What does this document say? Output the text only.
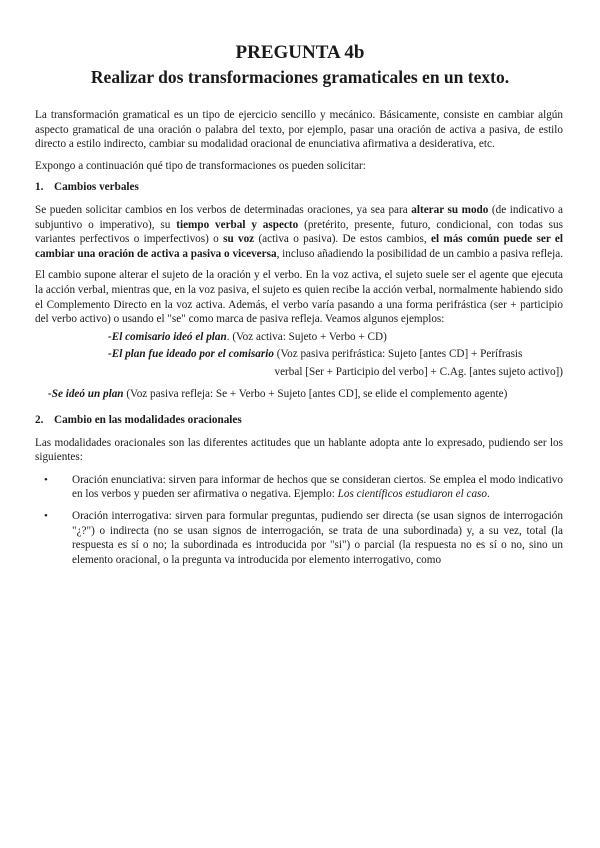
PREGUNTA 4b
Realizar dos transformaciones gramaticales en un texto.

La transformación gramatical es un tipo de ejercicio sencillo y mecánico. Básicamente, consiste en cambiar algún aspecto gramatical de una oración o palabra del texto, por ejemplo, pasar una oración de activa a pasiva, de estilo directo a estilo indirecto, cambiar su modalidad oracional de enunciativa afirmativa a desiderativa, etc.

Expongo a continuación qué tipo de transformaciones os pueden solicitar:

1. Cambios verbales

Se pueden solicitar cambios en los verbos de determinadas oraciones, ya sea para alterar su modo (de indicativo a subjuntivo o imperativo), su tiempo verbal y aspecto (pretérito, presente, futuro, condicional, con todas sus variantes perfectivos o imperfectivos) o su voz (activa o pasiva). De estos cambios, el más común puede ser el cambiar una oración de activa a pasiva o viceversa, incluso añadiendo la posibilidad de un cambio a pasiva refleja.

El cambio supone alterar el sujeto de la oración y el verbo. En la voz activa, el sujeto suele ser el agente que ejecuta la acción verbal, mientras que, en la voz pasiva, el sujeto es quien recibe la acción verbal, normalmente habiendo sido el Complemento Directo en la voz activa. Además, el verbo varía pasando a una forma perifrástica (ser + participio del verbo activo) o usando el "se" como marca de pasiva refleja. Veamos algunos ejemplos:

-El comisario ideó el plan. (Voz activa: Sujeto + Verbo + CD)
-El plan fue ideado por el comisario (Voz pasiva perifrástica: Sujeto [antes CD] + Perífrasis
verbal [Ser + Participio del verbo] + C.Ag. [antes sujeto activo])
-Se ideó un plan (Voz pasiva refleja: Se + Verbo + Sujeto [antes CD], se elide el complemento agente)
2. Cambio en las modalidades oracionales

Las modalidades oracionales son las diferentes actitudes que un hablante adopta ante lo expresado, pudiendo ser los siguientes:

• Oración enunciativa: sirven para informar de hechos que se consideran ciertos. Se emplea el modo indicativo en los verbos y pueden ser afirmativa o negativa. Ejemplo: Los científicos estudiaron el caso.
• Oración interrogativa: sirven para formular preguntas, pudiendo ser directa (se usan signos de interrogación "¿?") o indirecta (no se usan signos de interrogación, se trata de una subordinada) y, a su vez, total (la respuesta es sí o no; la subordinada es introducida por "si") o parcial (la respuesta no es sí o no, sino un elemento oracional, o la pregunta va introducida por elemento interrogativo, como
